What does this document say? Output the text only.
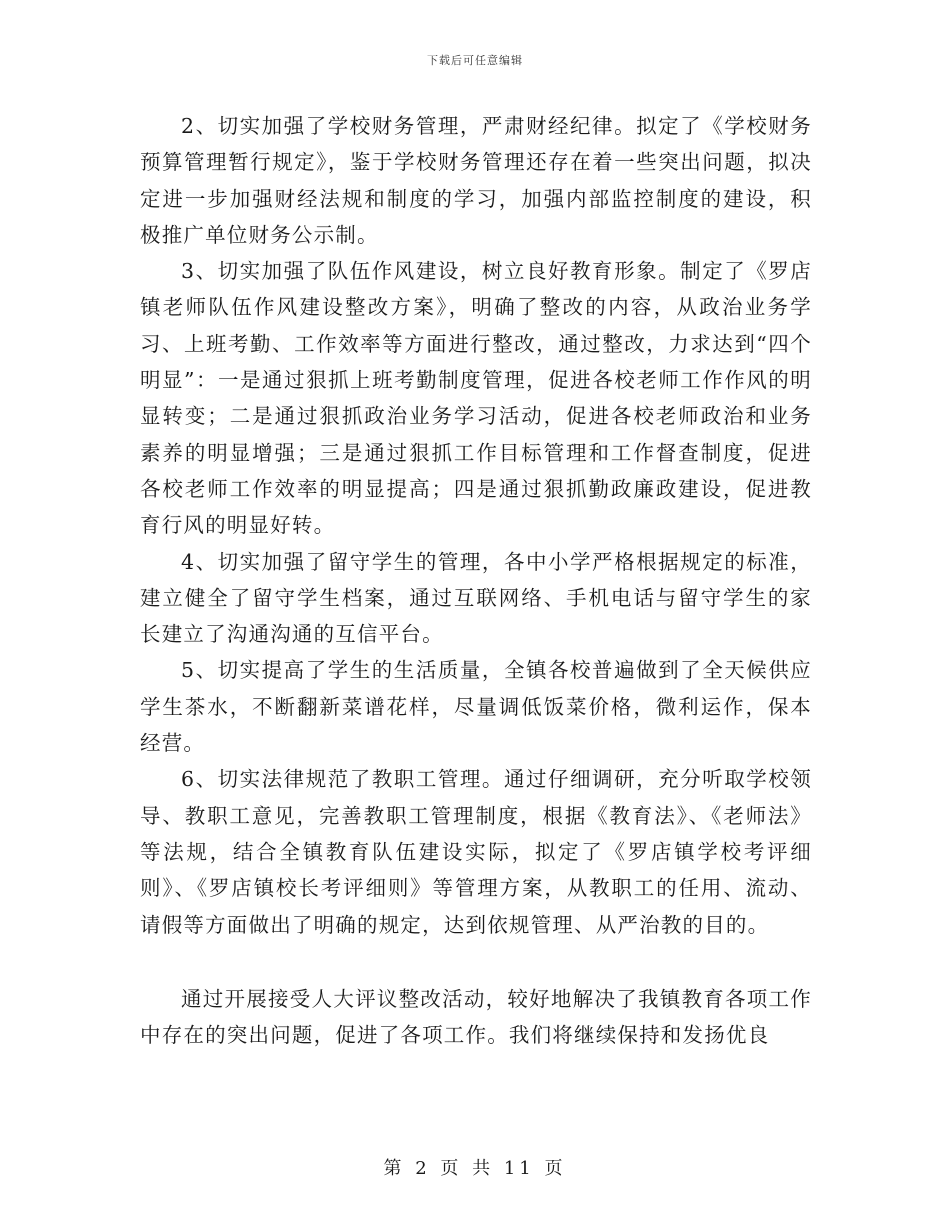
下载后可任意编辑

2、切实加强了学校财务管理，严肃财经纪律。拟定了《学校财务预算管理暂行规定》，鉴于学校财务管理还存在着一些突出问题，拟决定进一步加强财经法规和制度的学习，加强内部监控制度的建设，积极推广单位财务公示制。

3、切实加强了队伍作风建设，树立良好教育形象。制定了《罗店镇老师队伍作风建设整改方案》，明确了整改的内容，从政治业务学习、上班考勤、工作效率等方面进行整改，通过整改，力求达到“四个明显”：一是通过狠抓上班考勤制度管理，促进各校老师工作作风的明显转变；二是通过狠抓政治业务学习活动，促进各校老师政治和业务素养的明显增强；三是通过狠抓工作目标管理和工作督查制度，促进各校老师工作效率的明显提高；四是通过狠抓勤政廉政建设，促进教育行风的明显好转。

4、切实加强了留守学生的管理，各中小学严格根据规定的标准，建立健全了留守学生档案，通过互联网络、手机电话与留守学生的家长建立了沟通沟通的互信平台。

5、切实提高了学生的生活质量，全镇各校普遍做到了全天候供应学生茶水，不断翻新菜谱花样，尽量调低饭菜价格，微利运作，保本经营。

6、切实法律规范了教职工管理。通过仔细调研，充分听取学校领导、教职工意见，完善教职工管理制度，根据《教育法》、《老师法》等法规，结合全镇教育队伍建设实际，拟定了《罗店镇学校考评细则》、《罗店镇校长考评细则》等管理方案，从教职工的任用、流动、请假等方面做出了明确的规定，达到依规管理、从严治教的目的。

通过开展接受人大评议整改活动，较好地解决了我镇教育各项工作中存在的突出问题，促进了各项工作。我们将继续保持和发扬优良

第 2 页 共 11 页
